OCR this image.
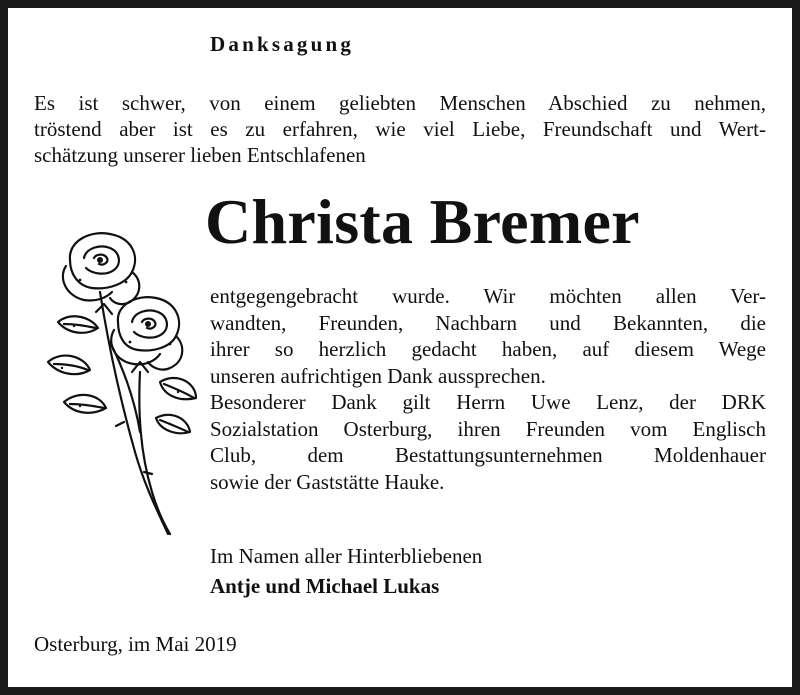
Danksagung
Es ist schwer, von einem geliebten Menschen Abschied zu nehmen,
tröstend aber ist es zu erfahren, wie viel Liebe, Freundschaft und Wert-
schätzung unserer lieben Entschlafenen
Christa Bremer
entgegengebracht wurde. Wir möchten allen Ver-
wandten, Freunden, Nachbarn und Bekannten, die
ihrer so herzlich gedacht haben, auf diesem Wege
unseren aufrichtigen Dank aussprechen.
Besonderer Dank gilt Herrn Uwe Lenz, der DRK
Sozialstation Osterburg, ihren Freunden vom Englisch
Club, dem Bestattungsunternehmen Moldenhauer
sowie der Gaststätte Hauke.
Im Namen aller Hinterbliebenen
Antje und Michael Lukas
Osterburg, im Mai 2019
